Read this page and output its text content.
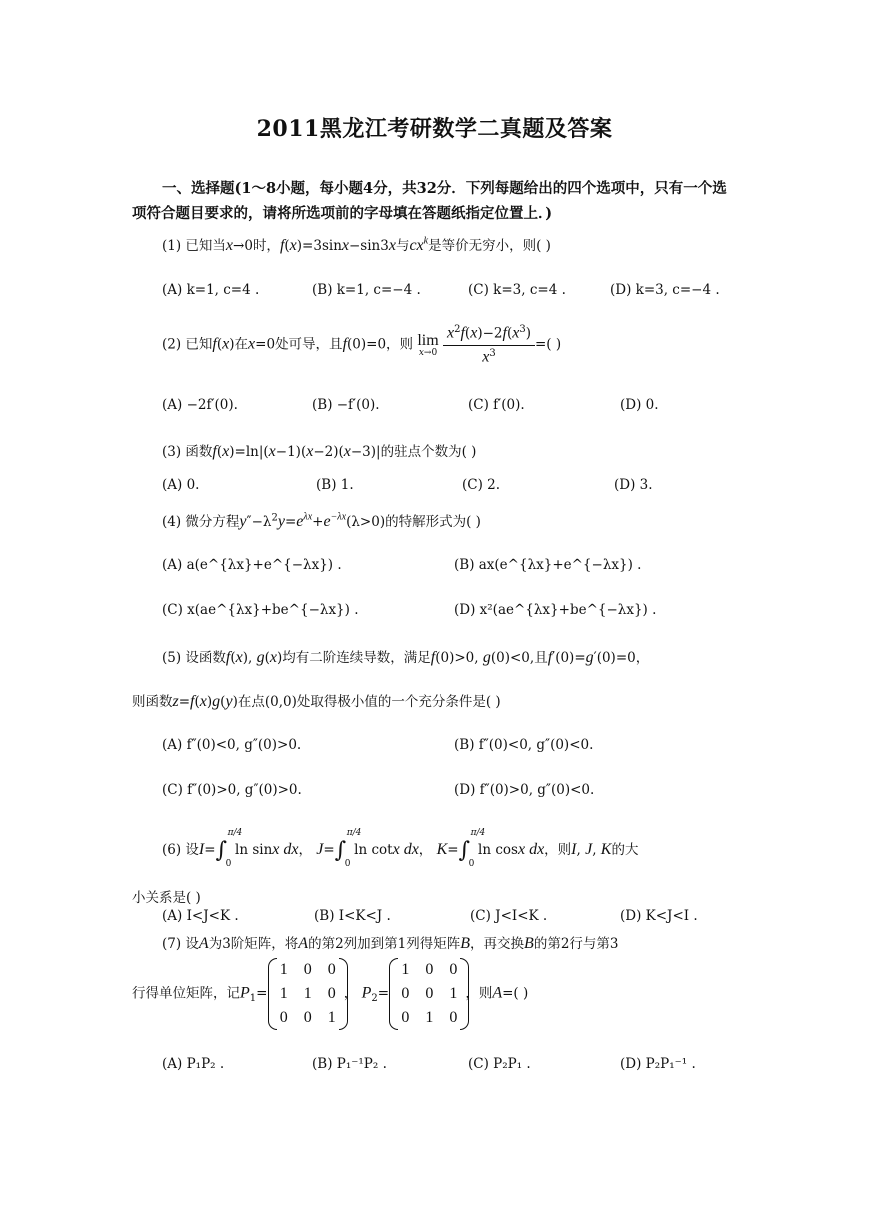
2011黑龙江考研数学二真题及答案
一、选择题(1～8小题，每小题4分，共32分．下列每题给出的四个选项中，只有一个选项符合题目要求的，请将所选项前的字母填在答题纸指定位置上．)
(1) 已知当x→0时，f(x)=3sinx−sin3x与$cx^k$是等价无穷小，则( )
(A) k=1, c=4 .	(B) k=1, c=−4 .	(C) k=3, c=4 .	(D) k=3, c=−4 .
(2) 已知f(x)在x=0处可导，且f(0)=0，则 lim
x→0
$\frac{x^2f(x)-2f(x^3)}{x^3}$ =( )
(A) −2f′(0).	(B) −f′(0).	(C) f′(0).	(D) 0.
(3) 函数f(x)=ln|(x−1)(x−2)(x−3)|的驻点个数为( )
(A) 0.	(B) 1.	(C) 2.	(D) 3.
(4) 微分方程$y''-\lambda^2y=e^{\lambda x}+e^{-\lambda x}(\lambda>0)$的特解形式为( )
(A) a(e^{λx}+e^{−λx}) .	(B) ax(e^{λx}+e^{−λx}) .
(C) x(ae^{λx}+be^{−λx}) .	(D) x²(ae^{λx}+be^{−λx}) .
(5) 设函数f(x), g(x)均有二阶连续导数，满足f(0)>0, g(0)<0,且f′(0)=g′(0)=0，
则函数z=f(x)g(y)在点(0,0)处取得极小值的一个充分条件是( )
(A) f″(0)<0, g″(0)>0.	(B) f″(0)<0, g″(0)<0.
(C) f″(0)>0, g″(0)>0.	(D) f″(0)>0, g″(0)<0.
(6) 设I=∫
π/4
0
ln sinx dx， J=∫
π/4
0
ln cotx dx， K=∫
π/4
0
ln cosx dx，则I, J, K的大
小关系是( )
(A) I<J<K .	(B) I<K<J .	(C) J<I<K .	(D) K<J<I .
(7) 设A为3阶矩阵，将A的第2列加到第1列得矩阵B，再交换B的第2行与第3
行得单位矩阵，记$P_1=$
1	0	0
1	1	0
0	0	1
， $P_2=$
1	0	0
0	0	1
0	1	0
，则A=( )
(A) P₁P₂ .	(B) P₁⁻¹P₂ .	(C) P₂P₁ .	(D) P₂P₁⁻¹ .
